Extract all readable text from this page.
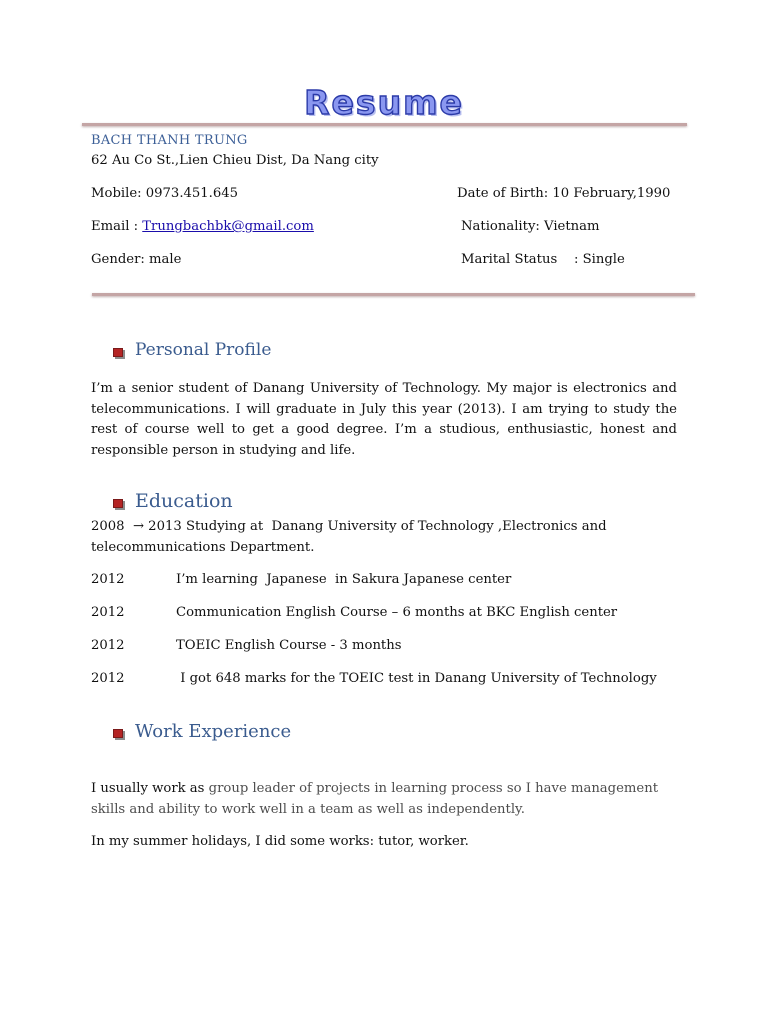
Resume
BACH THANH TRUNG
62 Au Co St.,Lien Chieu Dist, Da Nang city
Mobile: 0973.451.645	Date of Birth: 10 February,1990
Email : Trungbachbk@gmail.com	Nationality: Vietnam
Gender: male	Marital Status    : Single
Personal Profile
I’m a senior student of Danang University of Technology. My major is electronics and telecommunications. I will graduate in July this year (2013). I am trying to study the rest of course well to get a good degree. I’m a studious, enthusiastic, honest and responsible person in studying and life.
Education
2008  → 2013 Studying at  Danang University of Technology ,Electronics and
telecommunications Department.
2012	I’m learning  Japanese  in Sakura Japanese center
2012	Communication English Course – 6 months at BKC English center
2012	TOEIC English Course - 3 months
2012	I got 648 marks for the TOEIC test in Danang University of Technology
Work Experience
I usually work as group leader of projects in learning process so I have management skills and ability to work well in a team as well as independently.
In my summer holidays, I did some works: tutor, worker.
